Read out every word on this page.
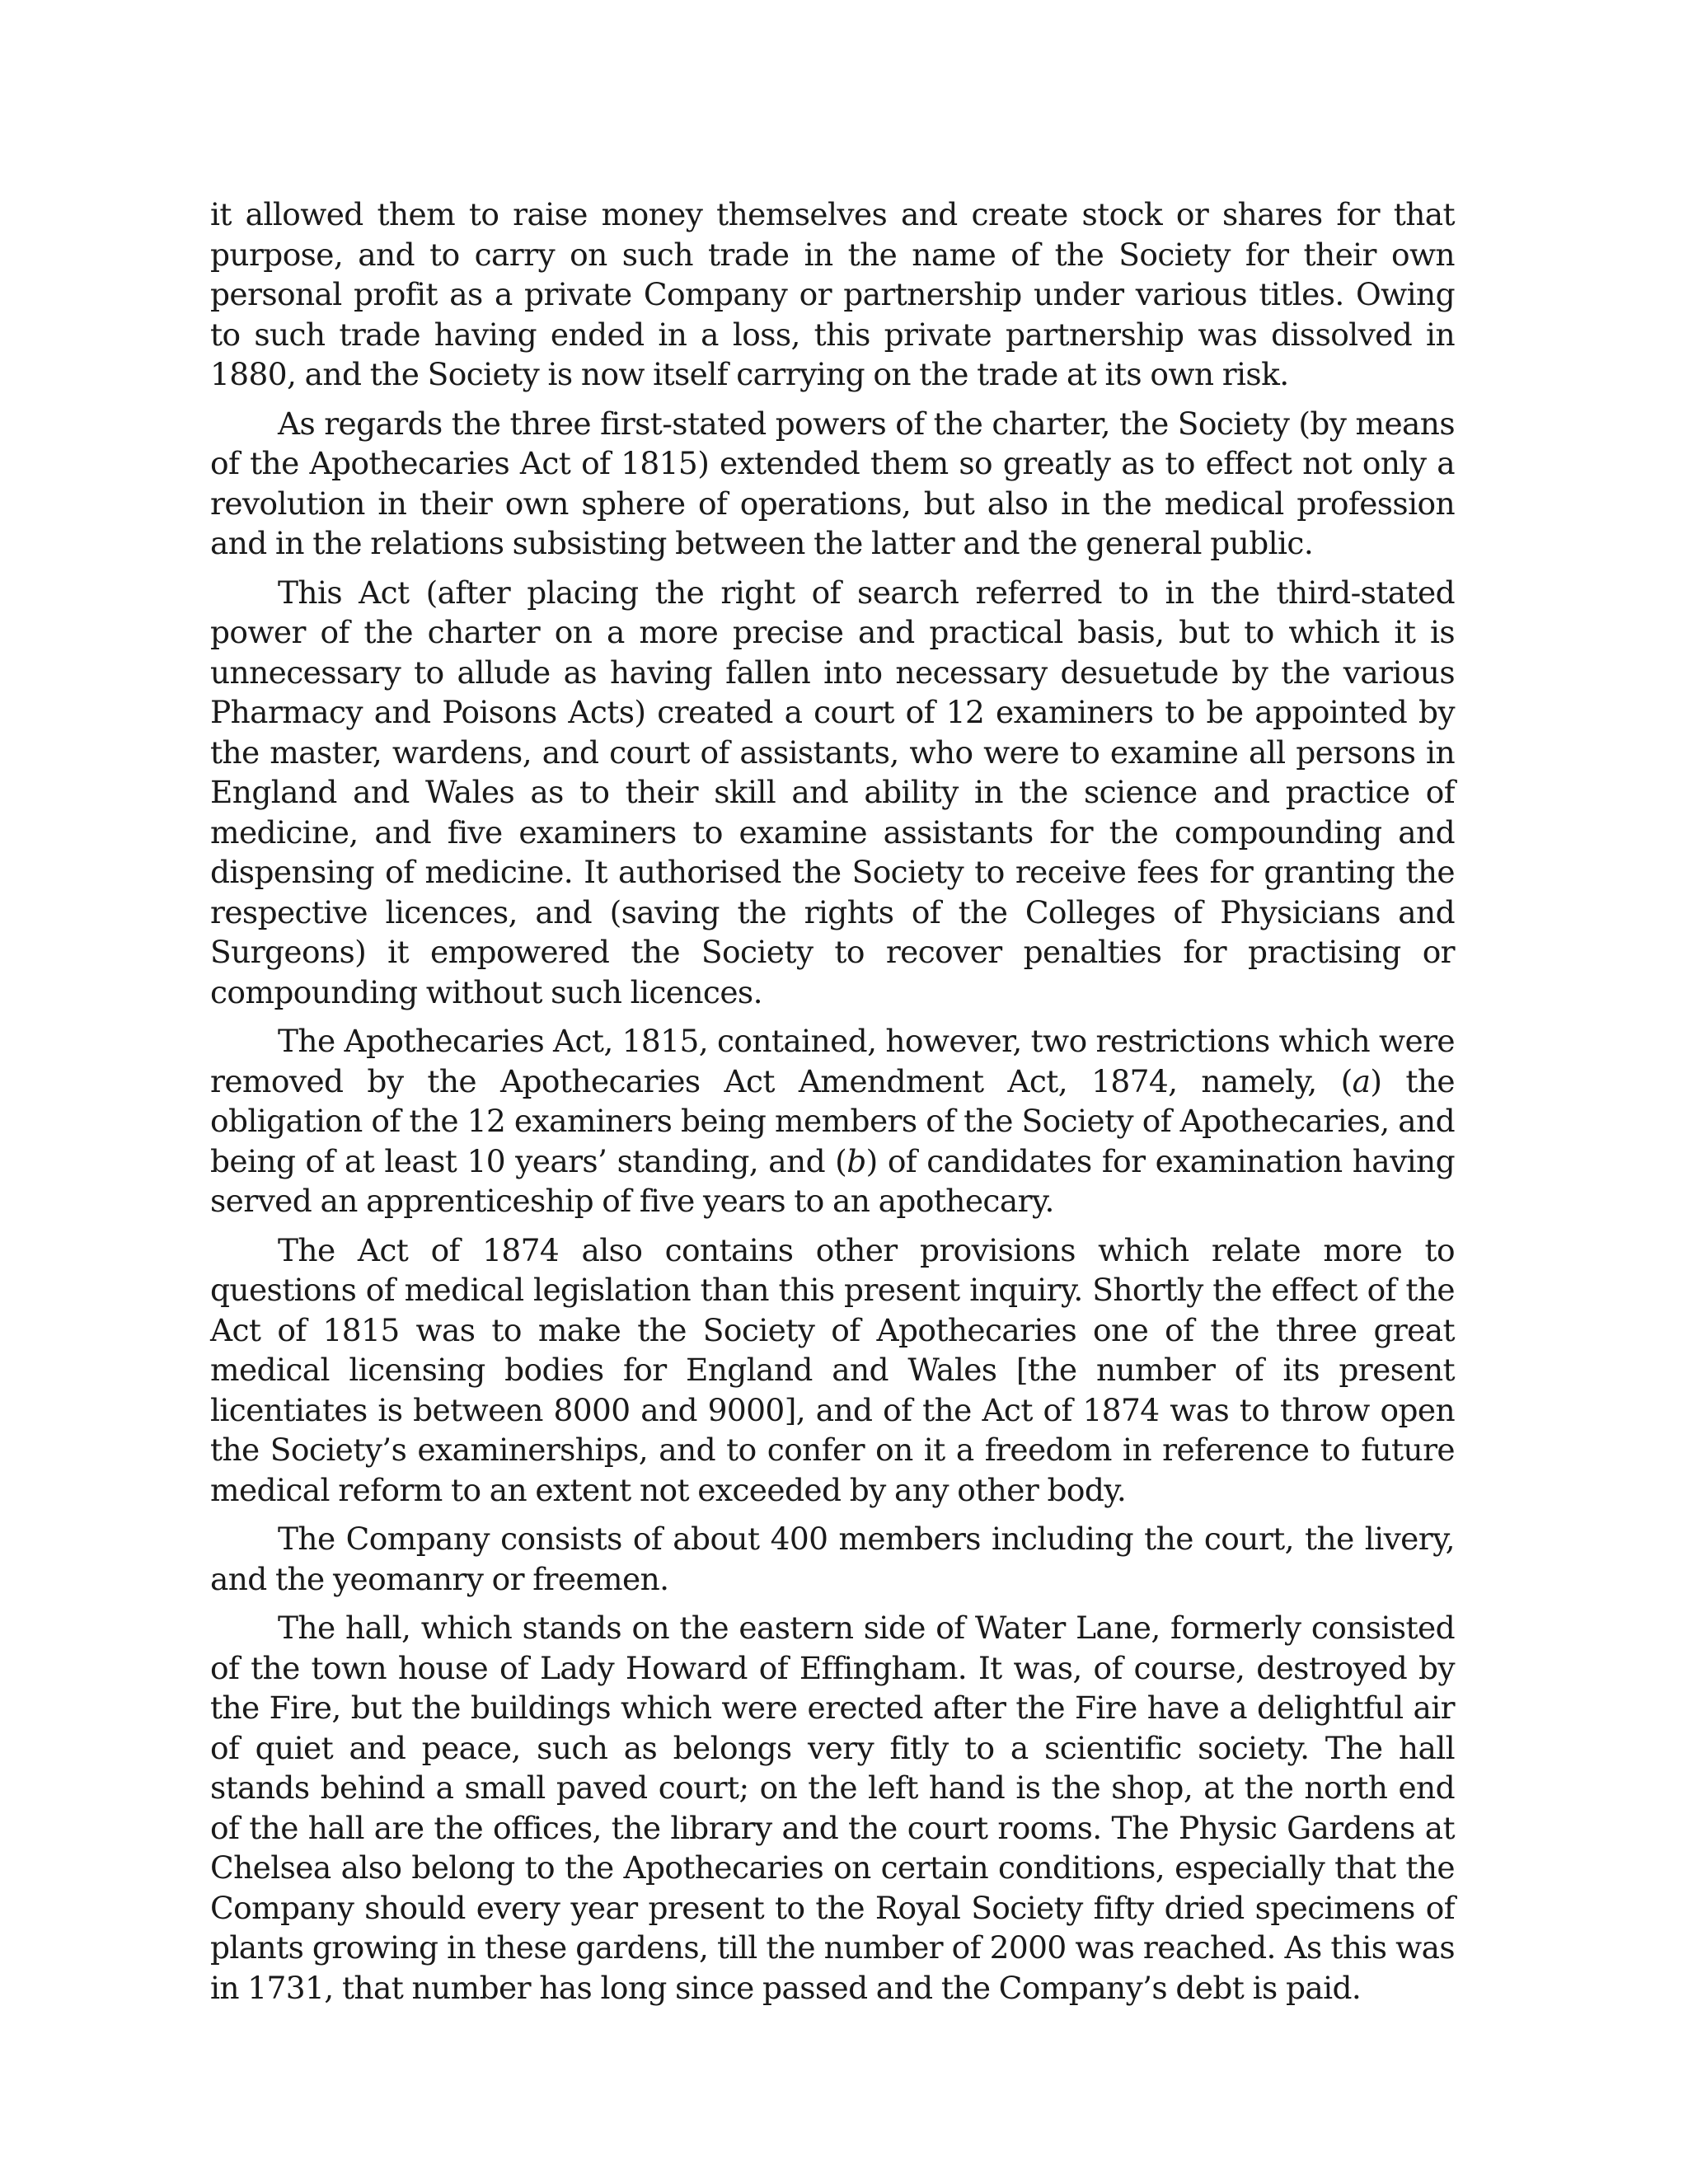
it allowed them to raise money themselves and create stock or shares for that purpose, and to carry on such trade in the name of the Society for their own personal profit as a private Company or partnership under various titles. Owing to such trade having ended in a loss, this private partnership was dissolved in 1880, and the Society is now itself carrying on the trade at its own risk.

As regards the three first-stated powers of the charter, the Society (by means of the Apothecaries Act of 1815) extended them so greatly as to effect not only a revolution in their own sphere of operations, but also in the medical profession and in the relations subsisting between the latter and the general public.

This Act (after placing the right of search referred to in the third-stated power of the charter on a more precise and practical basis, but to which it is unnecessary to allude as having fallen into necessary desuetude by the various Pharmacy and Poisons Acts) created a court of 12 examiners to be appointed by the master, wardens, and court of assistants, who were to examine all persons in England and Wales as to their skill and ability in the science and practice of medicine, and five examiners to examine assistants for the compounding and dispensing of medicine. It authorised the Society to receive fees for granting the respective licences, and (saving the rights of the Colleges of Physicians and Surgeons) it empowered the Society to recover penalties for practising or compounding without such licences.

The Apothecaries Act, 1815, contained, however, two restrictions which were removed by the Apothecaries Act Amendment Act, 1874, namely, (a) the obligation of the 12 examiners being members of the Society of Apothecaries, and being of at least 10 years’ standing, and (b) of candidates for examination having served an apprenticeship of five years to an apothecary.

The Act of 1874 also contains other provisions which relate more to questions of medical legislation than this present inquiry. Shortly the effect of the Act of 1815 was to make the Society of Apothecaries one of the three great medical licensing bodies for England and Wales [the number of its present licentiates is between 8000 and 9000], and of the Act of 1874 was to throw open the Society’s examinerships, and to confer on it a freedom in reference to future medical reform to an extent not exceeded by any other body.

The Company consists of about 400 members including the court, the livery, and the yeomanry or freemen.

The hall, which stands on the eastern side of Water Lane, formerly consisted of the town house of Lady Howard of Effingham. It was, of course, destroyed by the Fire, but the buildings which were erected after the Fire have a delightful air of quiet and peace, such as belongs very fitly to a scientific society. The hall stands behind a small paved court; on the left hand is the shop, at the north end of the hall are the offices, the library and the court rooms. The Physic Gardens at Chelsea also belong to the Apothecaries on certain conditions, especially that the Company should every year present to the Royal Society fifty dried specimens of plants growing in these gardens, till the number of 2000 was reached. As this was in 1731, that number has long since passed and the Company’s debt is paid.
